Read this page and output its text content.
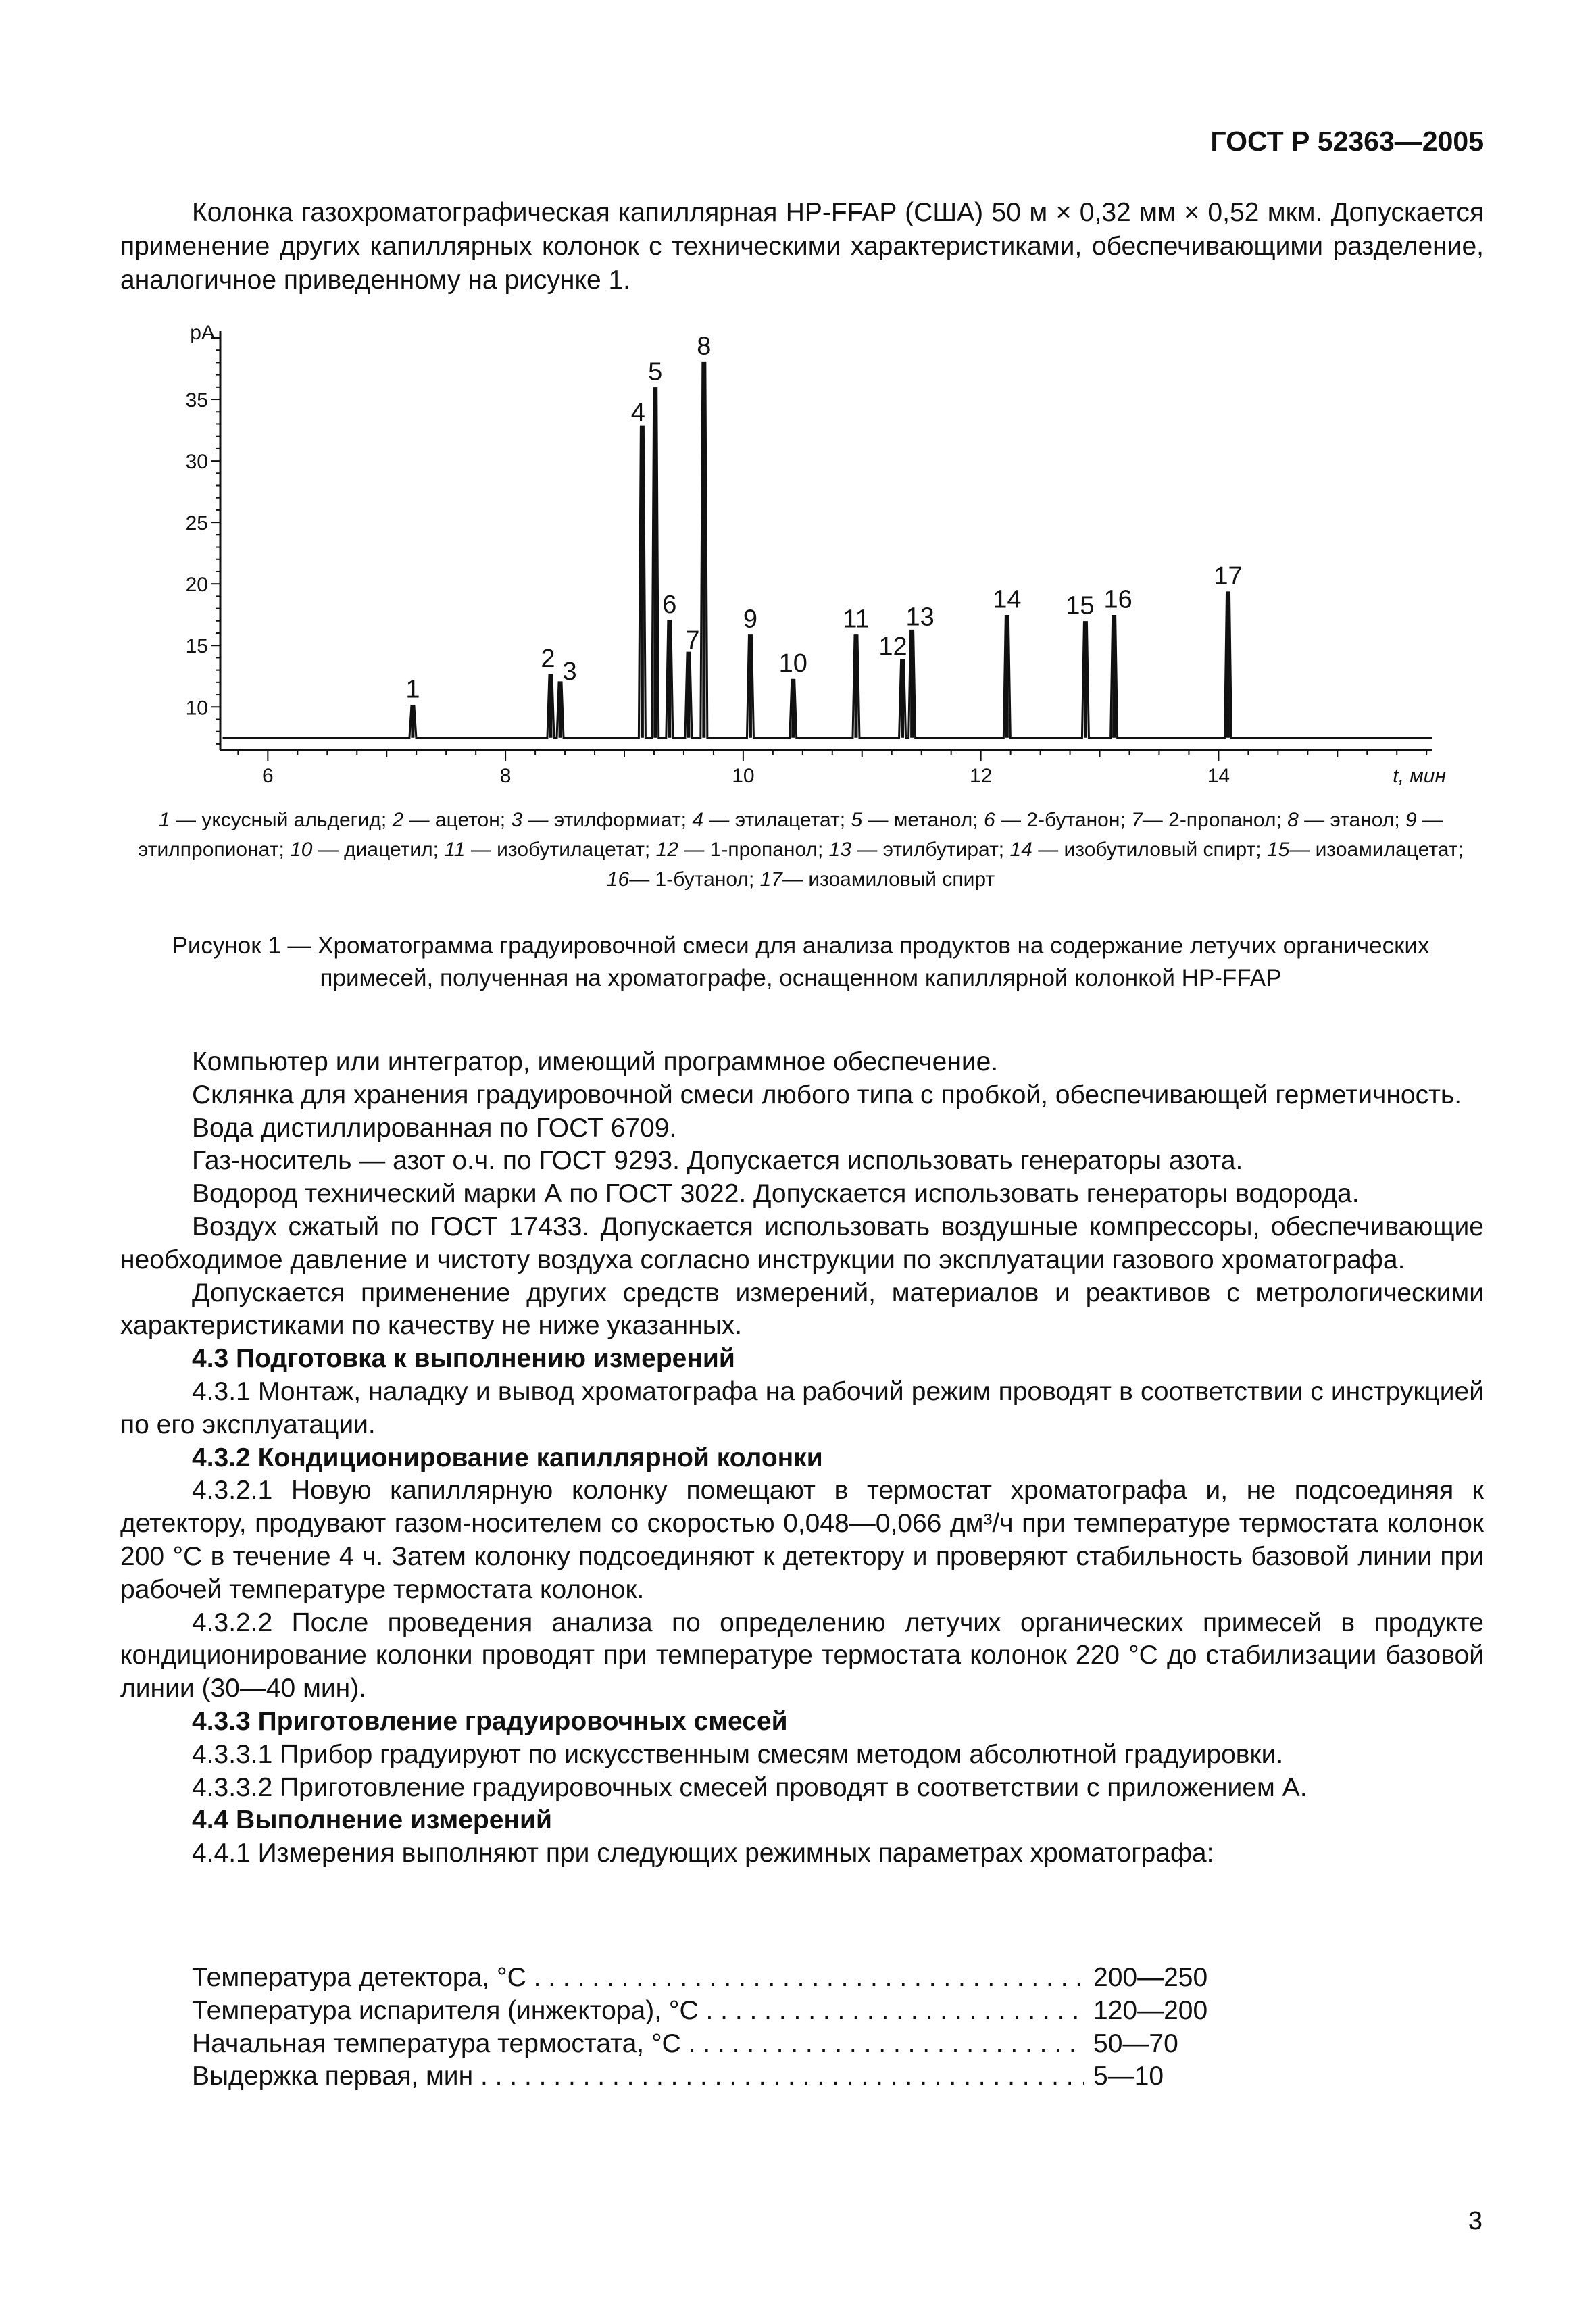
ГОСТ Р 52363—2005
Колонка газохроматографическая капиллярная HP-FFAP (США) 50 м × 0,32 мм × 0,52 мкм. Допускается применение других капиллярных колонок с техническими характеристиками, обеспечивающими разделение, аналогичное приведенному на рисунке 1.
10
15
20
25
30
35
pA
6	8	10	12	14	t, мин
1
2 3
4
5
6
7
8
9
10
11
12
13
14 15 16
17
1 — уксусный альдегид; 2 — ацетон; 3 — этилформиат; 4 — этилацетат; 5 — метанол; 6 — 2-бутанон; 7— 2-пропанол; 8 — этанол; 9 — этилпропионат; 10 — диацетил; 11 — изобутилацетат; 12 — 1-пропанол; 13 — этилбутират; 14 — изобутиловый спирт; 15— изоамилацетат; 16— 1-бутанол; 17— изоамиловый спирт
Рисунок 1 — Хроматограмма градуировочной смеси для анализа продуктов на содержание летучих органических примесей, полученная на хроматографе, оснащенном капиллярной колонкой HP-FFAP

Компьютер или интегратор, имеющий программное обеспечение.

Склянка для хранения градуировочной смеси любого типа с пробкой, обеспечивающей герметичность.

Вода дистиллированная по ГОСТ 6709.

Газ-носитель — азот о.ч. по ГОСТ 9293. Допускается использовать генераторы азота.

Водород технический марки А по ГОСТ 3022. Допускается использовать генераторы водорода.

Воздух сжатый по ГОСТ 17433. Допускается использовать воздушные компрессоры, обеспечивающие необходимое давление и чистоту воздуха согласно инструкции по эксплуатации газового хроматографа.

Допускается применение других средств измерений, материалов и реактивов с метрологическими характеристиками по качеству не ниже указанных.

4.3 Подготовка к выполнению измерений

4.3.1 Монтаж, наладку и вывод хроматографа на рабочий режим проводят в соответствии с инструкцией по его эксплуатации.

4.3.2 Кондиционирование капиллярной колонки

4.3.2.1 Новую капиллярную колонку помещают в термостат хроматографа и, не подсоединяя к детектору, продувают газом-носителем со скоростью 0,048—0,066 дм³/ч при температуре термостата колонок 200 °С в течение 4 ч. Затем колонку подсоединяют к детектору и проверяют стабильность базовой линии при рабочей температуре термостата колонок.

4.3.2.2 После проведения анализа по определению летучих органических примесей в продукте кондиционирование колонки проводят при температуре термостата колонок 220 °С до стабилизации базовой линии (30—40 мин).

4.3.3 Приготовление градуировочных смесей

4.3.3.1 Прибор градуируют по искусственным смесям методом абсолютной градуировки.

4.3.3.2 Приготовление градуировочных смесей проводят в соответствии с приложением А.

4.4 Выполнение измерений

4.4.1 Измерения выполняют при следующих режимных параметрах хроматографа:

Температура детектора, °С . . .	200—250
Температура испарителя (инжектора), °С . . .	120—200
Начальная температура термостата, °С . . .	50—70
Выдержка первая, мин . . .	5—10
3
